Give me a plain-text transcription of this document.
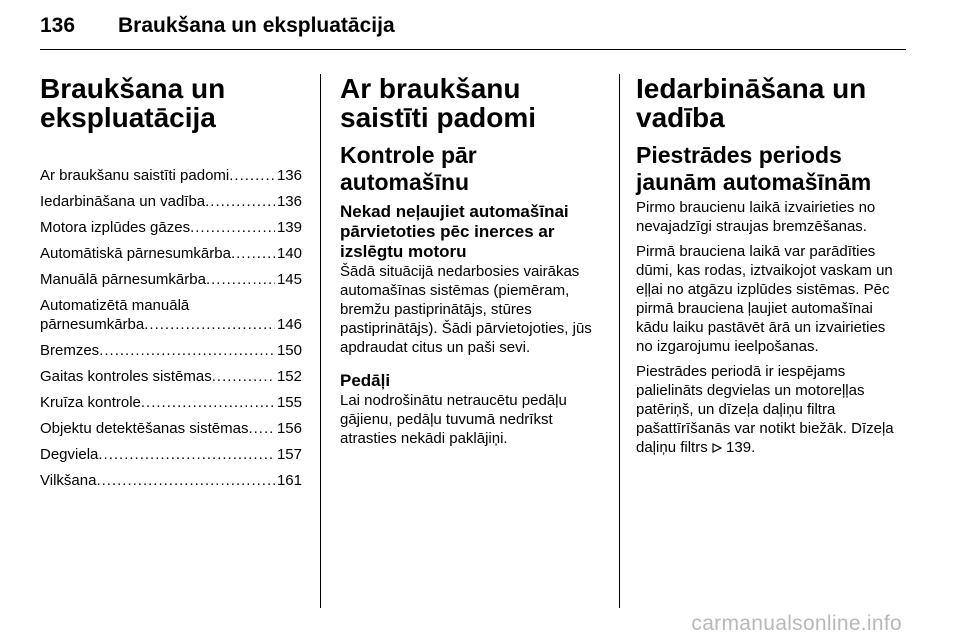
136 Braukšana un ekspluatācija
Braukšana un ekspluatācija
Ar braukšanu saistīti padomi .....	136
Iedarbināšana un vadība .....	136
Motora izplūdes gāzes .....	139
Automātiskā pārnesumkārba .....	140
Manuālā pārnesumkārba .....	145
Automatizētā manuālā
pārnesumkārba .....	146
Bremzes .....	150
Gaitas kontroles sistēmas .....	152
Kruīza kontrole .....	155
Objektu detektēšanas sistēmas ..... 156
Degviela .....	157
Vilkšana .....	161
Ar braukšanu saistīti padomi
Kontrole pār automašīnu
Nekad neļaujiet automašīnai pārvietoties pēc inerces ar izslēgtu motoru

Šādā situācijā nedarbosies vairākas automašīnas sistēmas (piemēram, bremžu pastiprinātājs, stūres pastiprinātājs). Šādi pārvietojoties, jūs apdraudat citus un paši sevi.

Pedāļi

Lai nodrošinātu netraucētu pedāļu gājienu, pedāļu tuvumā nedrīkst atrasties nekādi paklājiņi.

Iedarbināšana un vadība
Piestrādes periods jaunām automašīnām

Pirmo braucienu laikā izvairieties no nevajadzīgi straujas bremzēšanas.

Pirmā brauciena laikā var parādīties dūmi, kas rodas, iztvaikojot vaskam un eļļai no atgāzu izplūdes sistēmas. Pēc pirmā brauciena ļaujiet automašīnai kādu laiku pastāvēt ārā un izvairieties no izgarojumu ieelpošanas.

Piestrādes periodā ir iespējams palielināts degvielas un motoreļļas patēriņš, un dīzeļa daļiņu filtra pašattīrīšanās var notikt biežāk. Dīzeļa daļiņu filtrs 139.

carmanualsonline.info
